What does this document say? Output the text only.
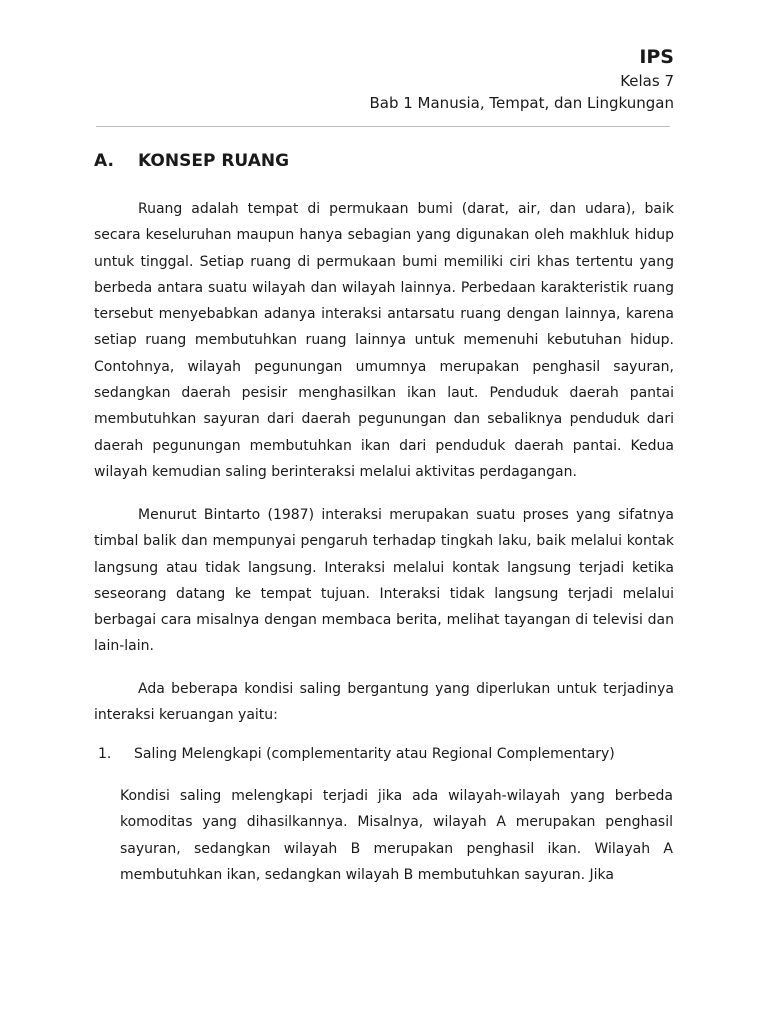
IPS
Kelas 7
Bab 1 Manusia, Tempat, dan Lingkungan
A.	KONSEP RUANG

Ruang adalah tempat di permukaan bumi (darat, air, dan udara), baik secara keseluruhan maupun hanya sebagian yang digunakan oleh makhluk hidup untuk tinggal. Setiap ruang di permukaan bumi memiliki ciri khas tertentu yang berbeda antara suatu wilayah dan wilayah lainnya. Perbedaan karakteristik ruang tersebut menyebabkan adanya interaksi antarsatu ruang dengan lainnya, karena setiap ruang membutuhkan ruang lainnya untuk memenuhi kebutuhan hidup. Contohnya, wilayah pegunungan umumnya merupakan penghasil sayuran, sedangkan daerah pesisir menghasilkan ikan laut. Penduduk daerah pantai membutuhkan sayuran dari daerah pegunungan dan sebaliknya penduduk dari daerah pegunungan membutuhkan ikan dari penduduk daerah pantai. Kedua wilayah kemudian saling berinteraksi melalui aktivitas perdagangan.

Menurut Bintarto (1987) interaksi merupakan suatu proses yang sifatnya timbal balik dan mempunyai pengaruh terhadap tingkah laku, baik melalui kontak langsung atau tidak langsung. Interaksi melalui kontak langsung terjadi ketika seseorang datang ke tempat tujuan. Interaksi tidak langsung terjadi melalui berbagai cara misalnya dengan membaca berita, melihat tayangan di televisi dan lain-lain.

Ada beberapa kondisi saling bergantung yang diperlukan untuk terjadinya interaksi keruangan yaitu:

1.	Saling Melengkapi (complementarity atau Regional Complementary)

Kondisi saling melengkapi terjadi jika ada wilayah-wilayah yang berbeda komoditas yang dihasilkannya. Misalnya, wilayah A merupakan penghasil sayuran, sedangkan wilayah B merupakan penghasil ikan. Wilayah A membutuhkan ikan, sedangkan wilayah B membutuhkan sayuran. Jika
